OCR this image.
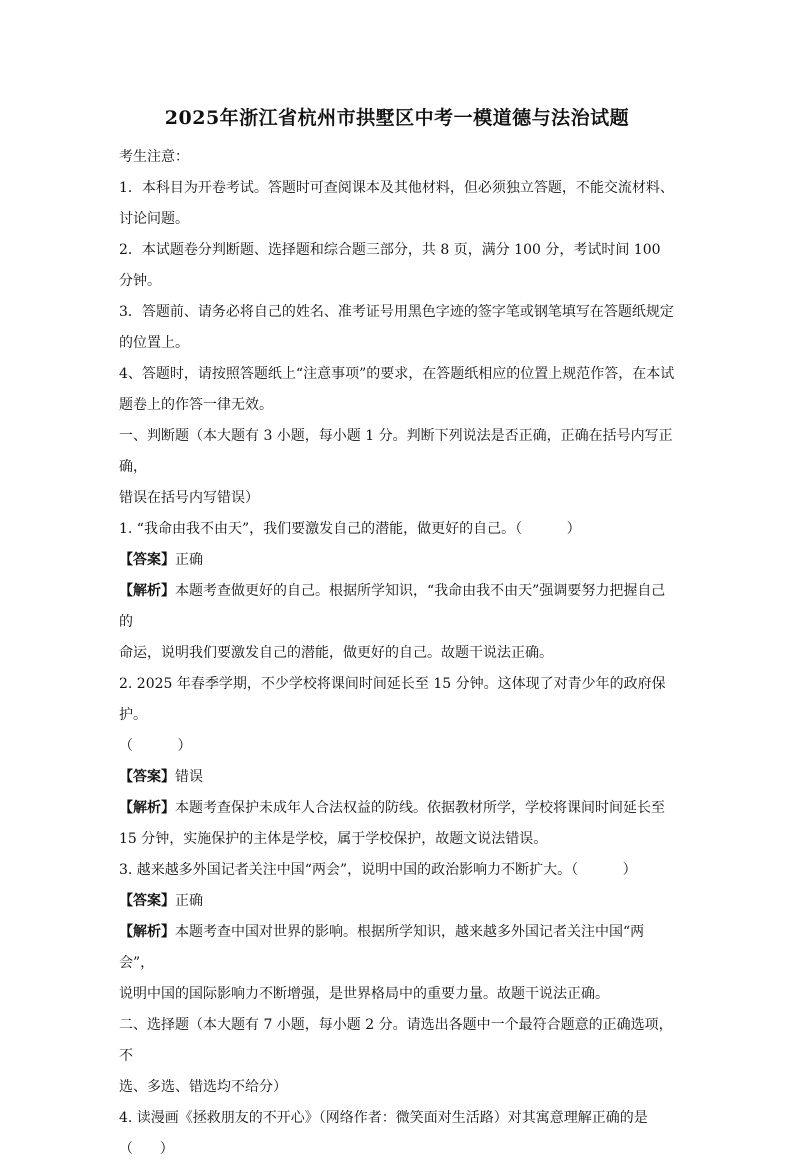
2025年浙江省杭州市拱墅区中考一模道德与法治试题

考生注意：

1．本科目为开卷考试。答题时可查阅课本及其他材料，但必须独立答题，不能交流材料、

讨论问题。

2．本试题卷分判断题、选择题和综合题三部分，共 8 页，满分 100 分，考试时间 100 分钟。

3．答题前、请务必将自己的姓名、准考证号用黑色字迹的签字笔或钢笔填写在答题纸规定

的位置上。

4、答题时，请按照答题纸上“注意事项”的要求，在答题纸相应的位置上规范作答，在本试

题卷上的作答一律无效。

一、判断题（本大题有 3 小题，每小题 1 分。判断下列说法是否正确，正确在括号内写正确，

错误在括号内写错误）

1. “我命由我不由天”，我们要激发自己的潜能，做更好的自己。（          ）

【答案】正确

【解析】本题考查做更好的自己。根据所学知识，“我命由我不由天”强调要努力把握自己的

命运，说明我们要激发自己的潜能，做更好的自己。故题干说法正确。

2. 2025 年春季学期，不少学校将课间时间延长至 15 分钟。这体现了对青少年的政府保护。

（          ）

【答案】错误

【解析】本题考查保护未成年人合法权益的防线。依据教材所学，学校将课间时间延长至

15 分钟，实施保护的主体是学校，属于学校保护，故题文说法错误。

3. 越来越多外国记者关注中国“两会”，说明中国的政治影响力不断扩大。（          ）

【答案】正确

【解析】本题考查中国对世界的影响。根据所学知识，越来越多外国记者关注中国“两会”，

说明中国的国际影响力不断增强，是世界格局中的重要力量。故题干说法正确。

二、选择题（本大题有 7 小题，每小题 2 分。请选出各题中一个最符合题意的正确选项，不

选、多选、错选均不给分）

4. 读漫画《拯救朋友的不开心》（网络作者：微笑面对生活路）对其寓意理解正确的是

（      ）
